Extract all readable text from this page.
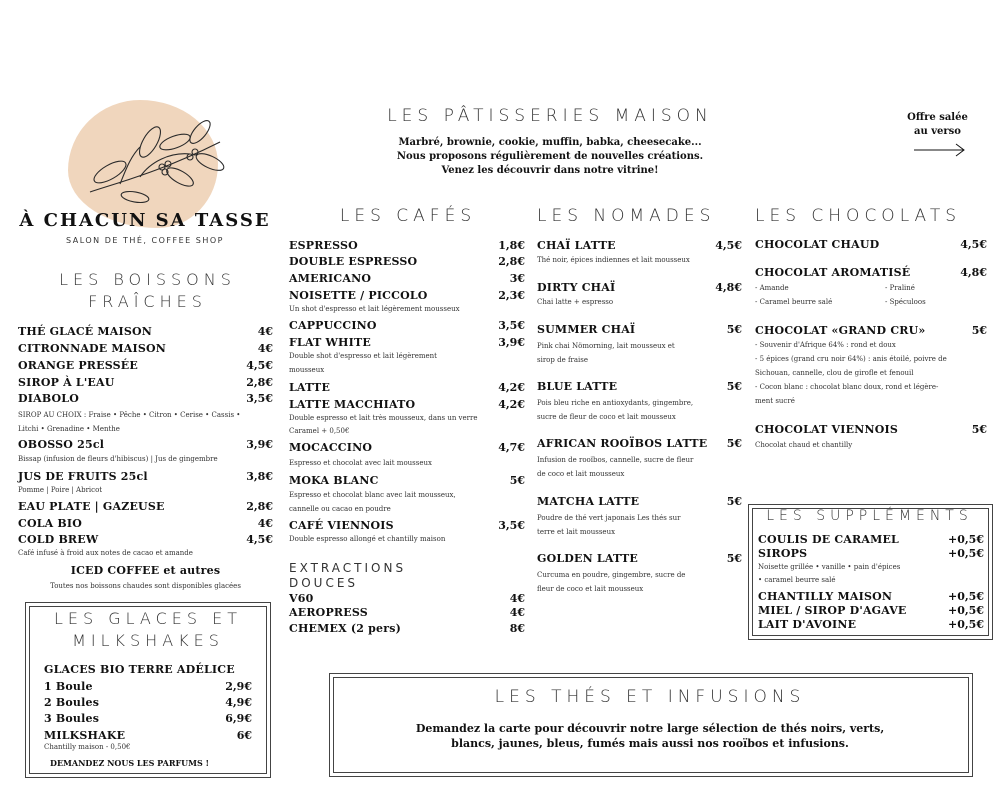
À CHACUN SA TASSE
SALON DE THÉ, COFFEE SHOP
LES PÂTISSERIES MAISON
Marbré, brownie, cookie, muffin, babka, cheesecake...
Nous proposons régulièrement de nouvelles créations.
Venez les découvrir dans notre vitrine!
Offre salée
au verso
LES BOISSONS
FRAÎCHES
THÉ GLACÉ MAISON	4€
CITRONNADE MAISON	4€
ORANGE PRESSÉE	4,5€
SIROP À L'EAU	2,8€
DIABOLO	3,5€
SIROP AU CHOIX : Fraise • Pêche • Citron • Cerise • Cassis •
Litchi • Grenadine • Menthe
OBOSSO 25cl	3,9€
Bissap (infusion de fleurs d'hibiscus) | Jus de gingembre
JUS DE FRUITS 25cl	3,8€
Pomme | Poire | Abricot
EAU PLATE | GAZEUSE	2,8€
COLA BIO	4€
COLD BREW	4,5€
Café infusé à froid aux notes de cacao et amande
ICED COFFEE et autres
Toutes nos boissons chaudes sont disponibles glacées
LES GLACES ET
MILKSHAKES
GLACES BIO TERRE ADÉLICE
1 Boule	2,9€
2 Boules	4,9€
3 Boules	6,9€
MILKSHAKE	6€
Chantilly maison - 0,50€
DEMANDEZ NOUS LES PARFUMS !
LES CAFÉS
ESPRESSO	1,8€
DOUBLE ESPRESSO	2,8€
AMERICANO	3€
NOISETTE / PICCOLO	2,3€
Un shot d'espresso et lait légèrement mousseux
CAPPUCCINO	3,5€
FLAT WHITE	3,9€
Double shot d'espresso et lait légèrement
mousseux
LATTE	4,2€
LATTE MACCHIATO	4,2€
Double espresso et lait très mousseux, dans un verre
Caramel + 0,50€
MOCACCINO	4,7€
Espresso et chocolat avec lait mousseux
MOKA BLANC	5€
Espresso et chocolat blanc avec lait mousseux,
cannelle ou cacao en poudre
CAFÉ VIENNOIS	3,5€
Double espresso allongé et chantilly maison
EXTRACTIONS
DOUCES
V60	4€
AEROPRESS	4€
CHEMEX (2 pers)	8€
LES NOMADES
CHAÏ LATTE	4,5€
Thé noir, épices indiennes et lait mousseux
DIRTY CHAÏ	4,8€
Chai latte + espresso
SUMMER CHAÏ	5€
Pink chai Nömorning, lait mousseux et
sirop de fraise
BLUE LATTE	5€
Pois bleu riche en antioxydants, gingembre,
sucre de fleur de coco et lait mousseux
AFRICAN ROOÏBOS LATTE 5€
Infusion de rooïbos, cannelle, sucre de fleur
de coco et lait mousseux
MATCHA LATTE	5€
Poudre de thé vert japonais Les thés sur
terre et lait mousseux
GOLDEN LATTE	5€
Curcuma en poudre, gingembre, sucre de
fleur de coco et lait mousseux
LES CHOCOLATS
CHOCOLAT CHAUD	4,5€
CHOCOLAT AROMATISÉ	4,8€
- Amande	- Praliné
- Caramel beurre salé	- Spéculoos
CHOCOLAT «GRAND CRU»	5€
- Souvenir d'Afrique 64% : rond et doux
- 5 épices (grand cru noir 64%) : anis étoilé, poivre de
Sichouan, cannelle, clou de girofle et fenouil
- Cocon blanc : chocolat blanc doux, rond et légère-
ment sucré
CHOCOLAT VIENNOIS	5€
Chocolat chaud et chantilly
LES SUPPLÉMENTS
COULIS DE CARAMEL	+0,5€
SIROPS	+0,5€
Noisette grillée • vanille • pain d'épices
• caramel beurre salé
CHANTILLY MAISON	+0,5€
MIEL / SIROP D'AGAVE	+0,5€
LAIT D'AVOINE	+0,5€
LES THÉS ET INFUSIONS
Demandez la carte pour découvrir notre large sélection de thés noirs, verts,
blancs, jaunes, bleus, fumés mais aussi nos rooïbos et infusions.
